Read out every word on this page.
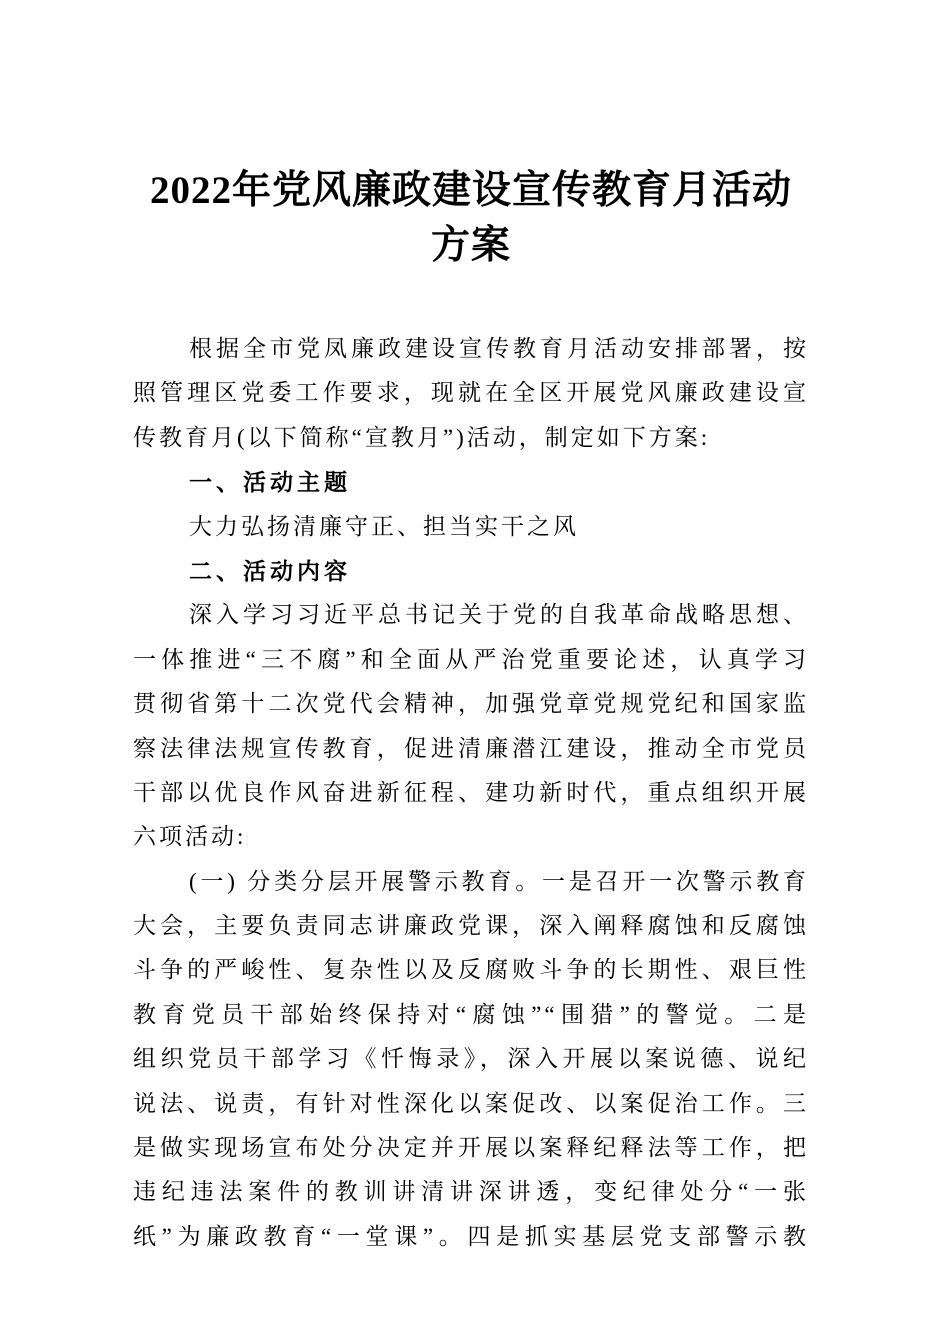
2022年党风廉政建设宣传教育月活动方案
根据全市党凤廉政建设宣传教育月活动安排部署，按
照管理区党委工作要求，现就在全区开展党风廉政建设宣
传教育月(以下简称“宣教月”)活动，制定如下方案:
一、活动主题
大力弘扬清廉守正、担当实干之风
二、活动内容
深入学习习近平总书记关于党的自我革命战略思想、
一体推进“三不腐”和全面从严治党重要论述，认真学习
贯彻省第十二次党代会精神，加强党章党规党纪和国家监
察法律法规宣传教育，促进清廉潜江建设，推动全市党员
干部以优良作风奋进新征程、建功新时代，重点组织开展
六项活动:
(一) 分类分层开展警示教育。一是召开一次警示教育
大会，主要负责同志讲廉政党课，深入阐释腐蚀和反腐蚀
斗争的严峻性、复杂性以及反腐败斗争的长期性、艰巨性
教育党员干部始终保持对“腐蚀”“围猎”的警觉。二是
组织党员干部学习《忏悔录》，深入开展以案说德、说纪
说法、说责，有针对性深化以案促改、以案促治工作。三
是做实现场宣布处分决定并开展以案释纪释法等工作，把
违纪违法案件的教训讲清讲深讲透，变纪律处分“一张
纸”为廉政教育“一堂课”。四是抓实基层党支部警示教
